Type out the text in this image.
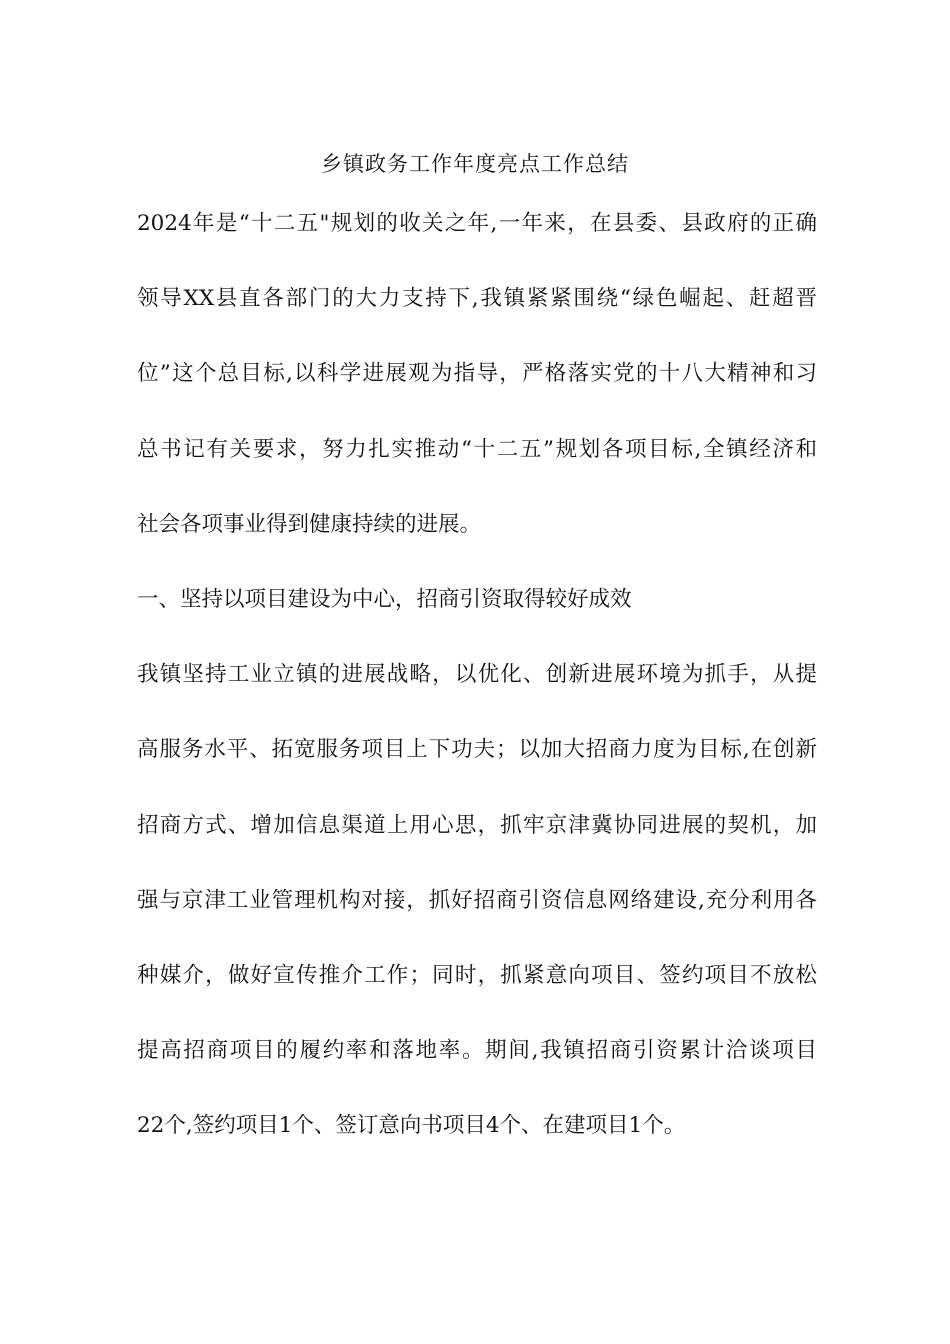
乡镇政务工作年度亮点工作总结
2024年是“十二五"规划的收关之年,一年来，在县委、县政府的正确
领导XX县直各部门的大力支持下,我镇紧紧围绕“绿色崛起、赶超晋
位”这个总目标,以科学进展观为指导，严格落实党的十八大精神和习
总书记有关要求，努力扎实推动“十二五”规划各项目标,全镇经济和
社会各项事业得到健康持续的进展。
一、坚持以项目建设为中心，招商引资取得较好成效
我镇坚持工业立镇的进展战略，以优化、创新进展环境为抓手，从提
高服务水平、拓宽服务项目上下功夫；以加大招商力度为目标,在创新
招商方式、增加信息渠道上用心思，抓牢京津冀协同进展的契机，加
强与京津工业管理机构对接，抓好招商引资信息网络建设,充分利用各
种媒介，做好宣传推介工作；同时，抓紧意向项目、签约项目不放松
提高招商项目的履约率和落地率。期间,我镇招商引资累计洽谈项目
22个,签约项目1个、签订意向书项目4个、在建项目1个。
